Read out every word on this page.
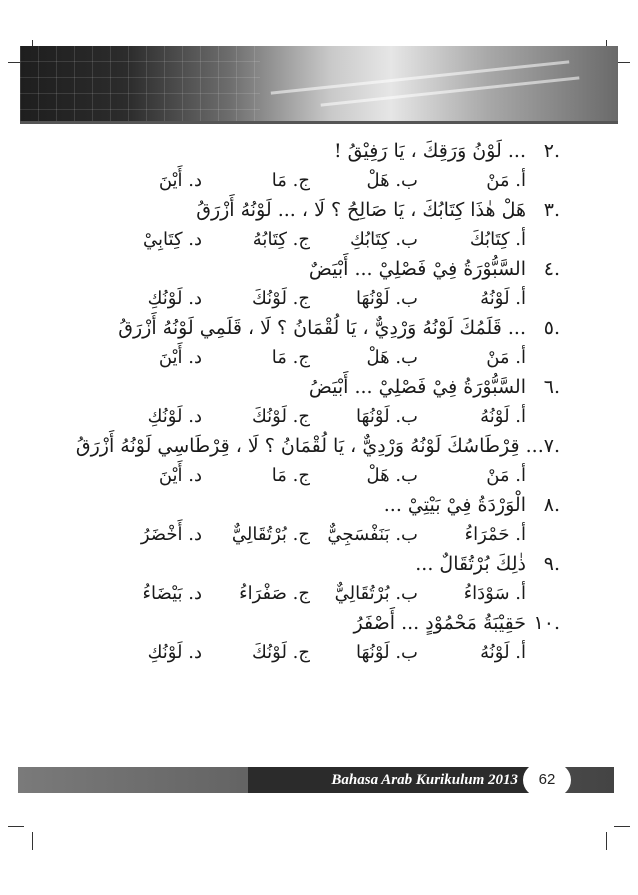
.٢
... لَوْنُ وَرَقِكَ ، يَا رَفِيْقُ !
أ. مَنْ
ب. هَلْ
ج. مَا
د. أَيْنَ
.٣
هَلْ هٰذَا كِتَابُكَ ، يَا صَالِحُ ؟ لَا ، ... لَوْنُهُ أَزْرَقُ
أ. كِتَابُكَ
ب. كِتَابُكِ
ج. كِتَابُهُ
د. كِتَابِيْ
.٤
السَّبُّوْرَةُ فِيْ فَصْلِيْ ... أَبْيَضٌ
أ. لَوْنُهُ
ب. لَوْنُهَا
ج. لَوْنُكَ
د. لَوْنُكِ
.٥
... قَلَمُكَ لَوْنُهُ وَرْدِيٌّ ، يَا لُقْمَانُ ؟ لَا ، قَلَمِي لَوْنُهُ أَزْرَقُ
أ. مَنْ
ب. هَلْ
ج. مَا
د. أَيْنَ
.٦
السَّبُّوْرَةُ فِيْ فَصْلِيْ ... أَبْيَضُ
أ. لَوْنُهُ
ب. لَوْنُهَا
ج. لَوْنُكَ
د. لَوْنُكِ
.٧
... قِرْطَاسُكَ لَوْنُهُ وَرْدِيٌّ ، يَا لُقْمَانُ ؟ لَا ، قِرْطَاسِي لَوْنُهُ أَزْرَقُ
أ. مَنْ
ب. هَلْ
ج. مَا
د. أَيْنَ
.٨
الْوَرْدَةُ فِيْ بَيْتِيْ ...
أ. حَمْرَاءُ
ب. بَنَفْسَجِيٌّ
ج. بُرْتُقَالِيٌّ
د. أَخْضَرُ
.٩
ذٰلِكَ بُرْتُقَالٌ ...
أ. سَوْدَاءُ
ب. بُرْتُقَالِيٌّ
ج. صَفْرَاءُ
د. بَيْضَاءُ
.١٠
حَقِيْبَةُ مَحْمُوْدٍ ... أَصْفَرُ
أ. لَوْنُهُ
ب. لَوْنُهَا
ج. لَوْنُكَ
د. لَوْنُكِ
Bahasa Arab Kurikulum 2013	62
